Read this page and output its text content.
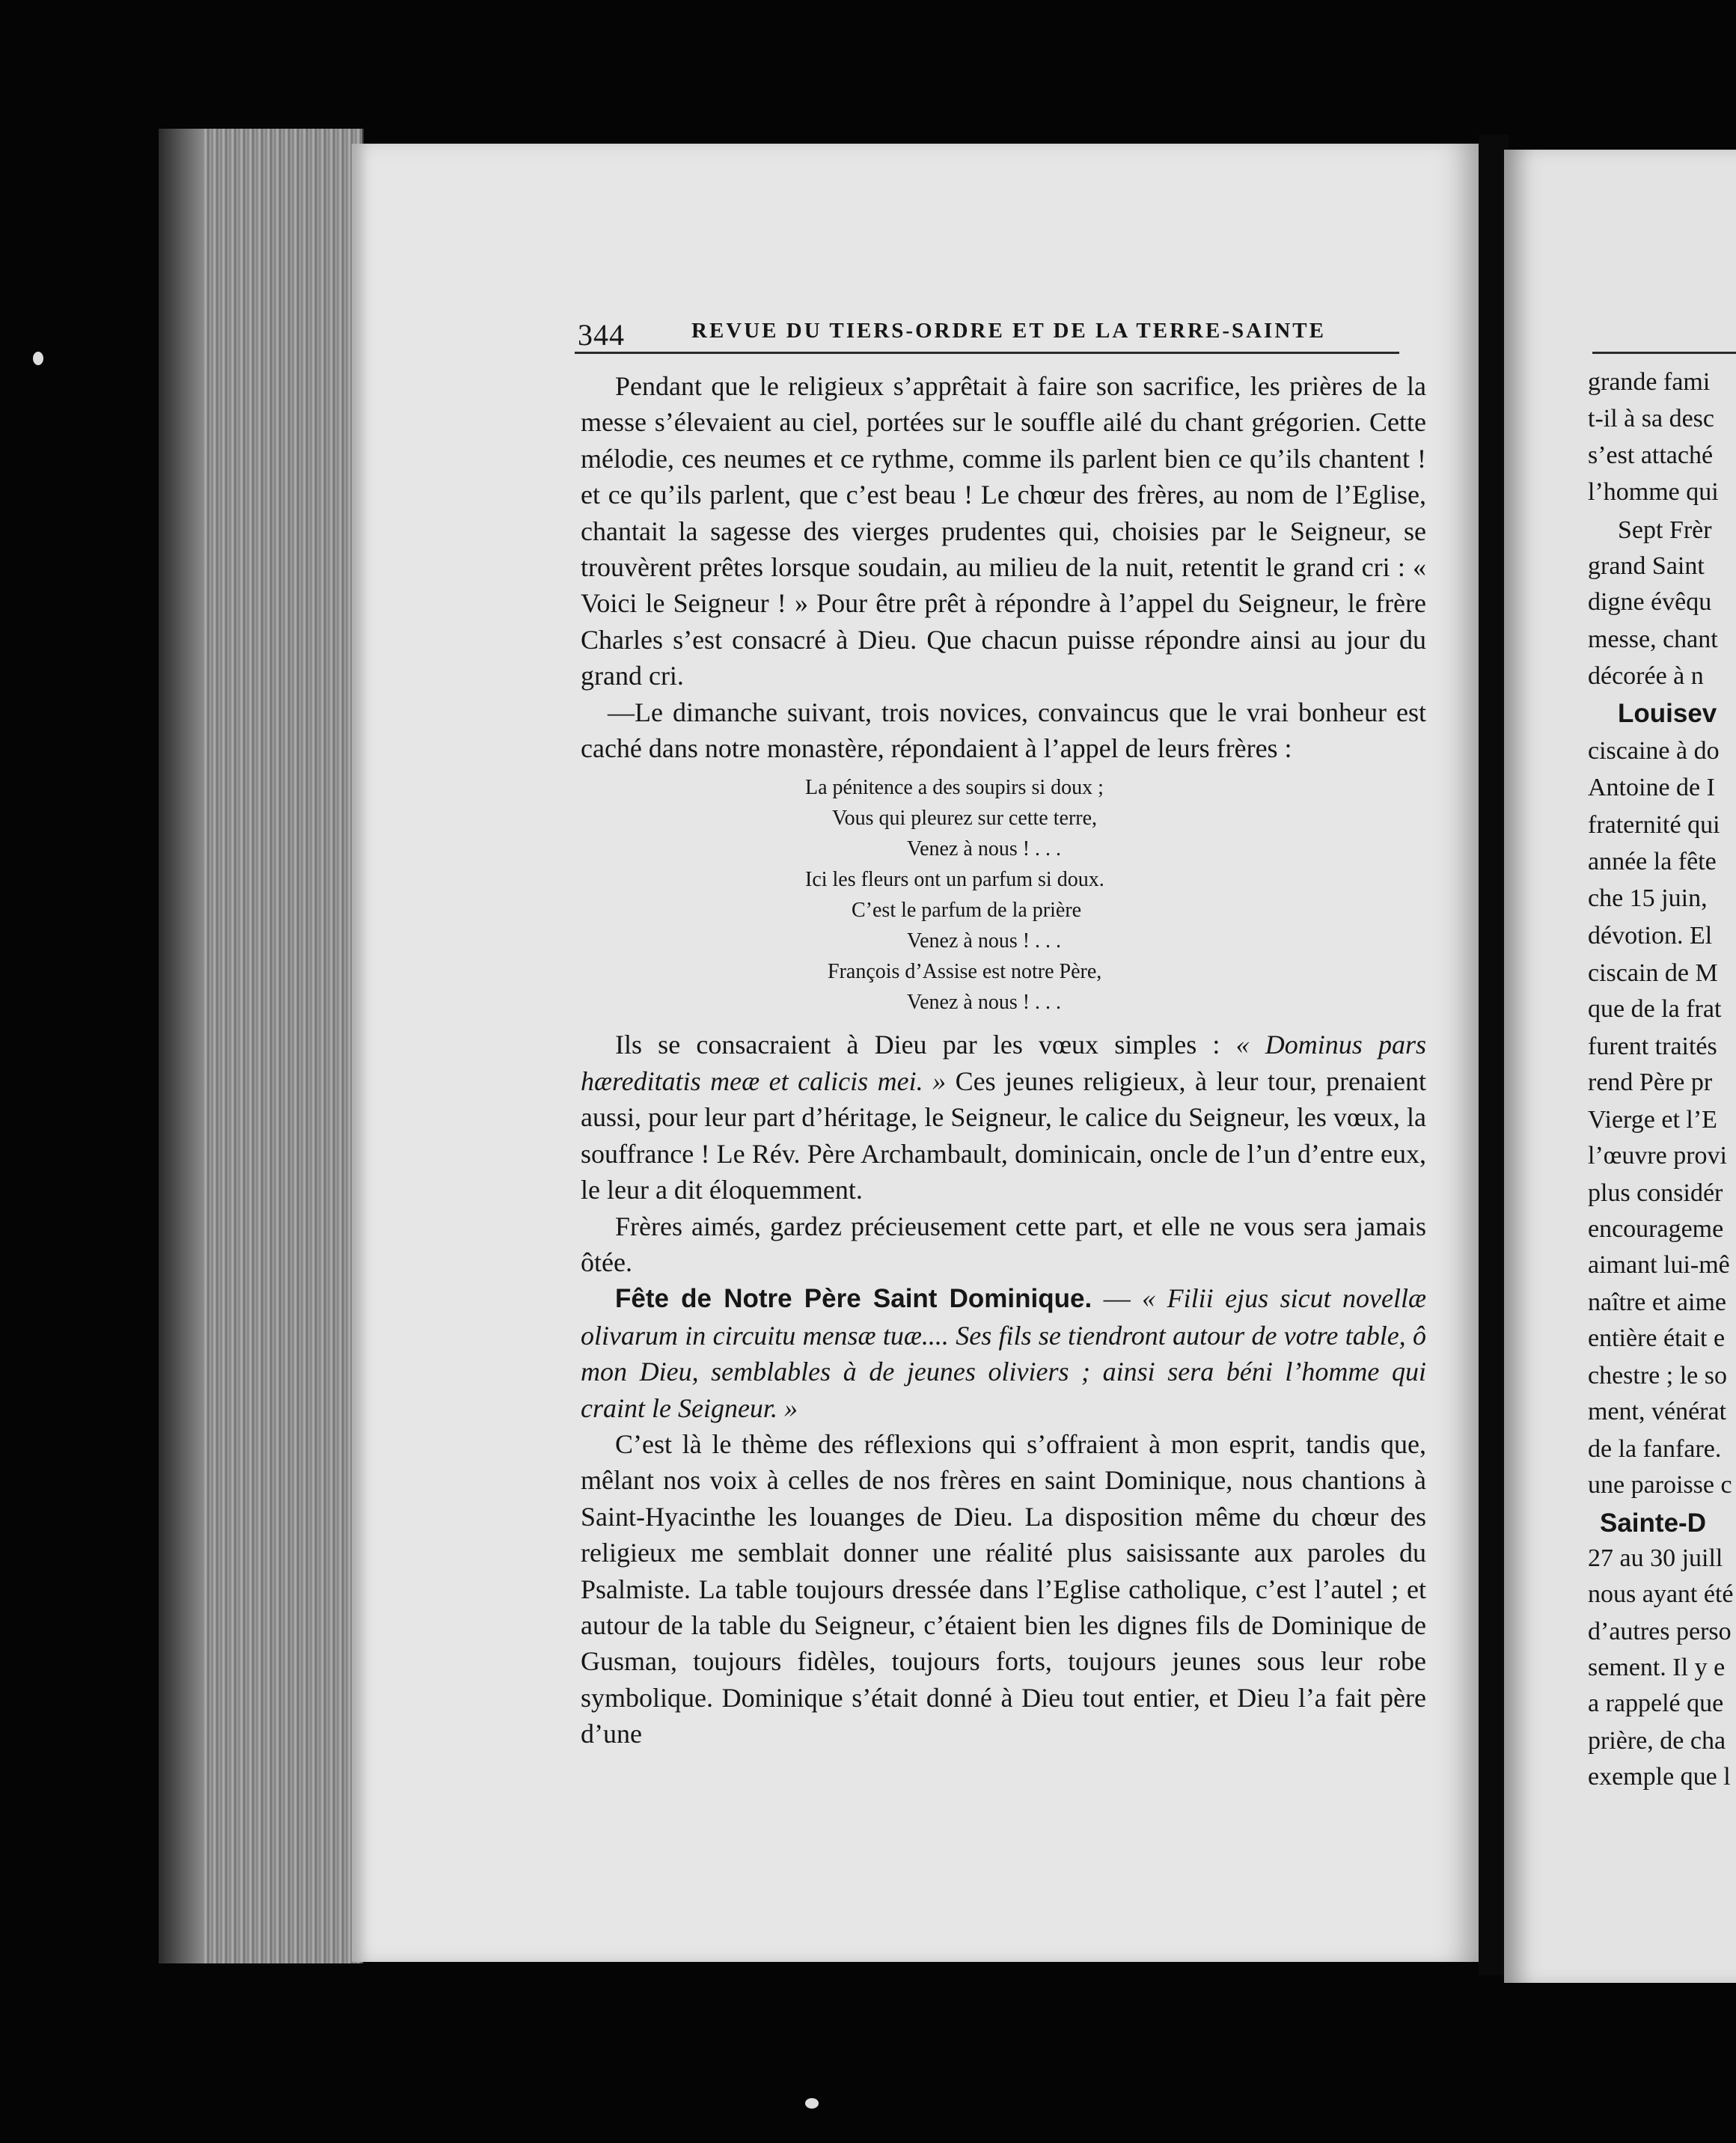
344	REVUE DU TIERS-ORDRE ET DE LA TERRE-SAINTE

Pendant que le religieux s’apprêtait à faire son sacrifice, les prières de la messe s’élevaient au ciel, portées sur le souffle ailé du chant grégorien. Cette mélodie, ces neumes et ce rythme, comme ils parlent bien ce qu’ils chantent ! et ce qu’ils parlent, que c’est beau ! Le chœur des frères, au nom de l’Eglise, chantait la sagesse des vierges prudentes qui, choisies par le Seigneur, se trouvèrent prêtes lorsque soudain, au milieu de la nuit, retentit le grand cri : « Voici le Seigneur ! » Pour être prêt à répondre à l’appel du Seigneur, le frère Charles s’est consacré à Dieu. Que chacun puisse répondre ainsi au jour du grand cri.

—Le dimanche suivant, trois novices, convaincus que le vrai bonheur est caché dans notre monastère, répondaient à l’appel de leurs frères :

La pénitence a des soupirs si doux ;
Vous qui pleurez sur cette terre,
Venez à nous ! . . .
Ici les fleurs ont un parfum si doux.
C’est le parfum de la prière
Venez à nous ! . . .
François d’Assise est notre Père,
Venez à nous ! . . .

Ils se consacraient à Dieu par les vœux simples : « Dominus pars hæreditatis meæ et calicis mei. » Ces jeunes religieux, à leur tour, prenaient aussi, pour leur part d’héritage, le Seigneur, le calice du Seigneur, les vœux, la souffrance ! Le Rév. Père Archambault, dominicain, oncle de l’un d’entre eux, le leur a dit éloquemment.

Frères aimés, gardez précieusement cette part, et elle ne vous sera jamais ôtée.

Fête de Notre Père Saint Dominique. — « Filii ejus sicut novellæ olivarum in circuitu mensæ tuæ.... Ses fils se tiendront autour de votre table, ô mon Dieu, semblables à de jeunes oliviers ; ainsi sera béni l’homme qui craint le Seigneur. »

C’est là le thème des réflexions qui s’offraient à mon esprit, tandis que, mêlant nos voix à celles de nos frères en saint Dominique, nous chantions à Saint-Hyacinthe les louanges de Dieu. La disposition même du chœur des religieux me semblait donner une réalité plus saisissante aux paroles du Psalmiste. La table toujours dressée dans l’Eglise catholique, c’est l’autel ; et autour de la table du Seigneur, c’étaient bien les dignes fils de Dominique de Gusman, toujours fidèles, toujours forts, toujours jeunes sous leur robe symbolique. Dominique s’était donné à Dieu tout entier, et Dieu l’a fait père d’une

grande fami
t-il à sa desc
s’est attaché
l’homme qui
Sept Frèr
grand Saint
digne évêqu
messe, chant
décorée à n
Louisev
ciscaine à do
Antoine de I
fraternité qui
année la fête
che 15 juin,
dévotion. El
ciscain de M
que de la frat
furent traités
rend Père pr
Vierge et l’E
l’œuvre provi
plus considér
encourageme
aimant lui-mê
naître et aime
entière était e
chestre ; le so
ment, vénérat
de la fanfare.
une paroisse c
Sainte-D
27 au 30 juill
nous ayant été
d’autres perso
sement. Il y e
a rappelé que
prière, de cha
exemple que l
